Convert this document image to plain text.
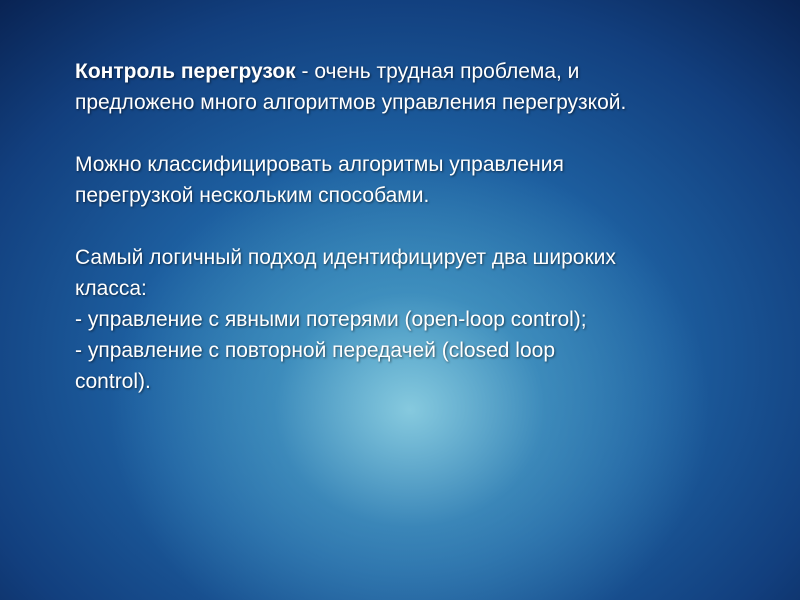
Контроль перегрузок - очень трудная проблема, и
предложено много алгоритмов управления перегрузкой.

Можно классифицировать алгоритмы управления
перегрузкой нескольким способами.

Самый логичный подход идентифицирует два широких
класса:
- управление с явными потерями (open-loop control);
- управление с повторной передачей (closed loop
control).
